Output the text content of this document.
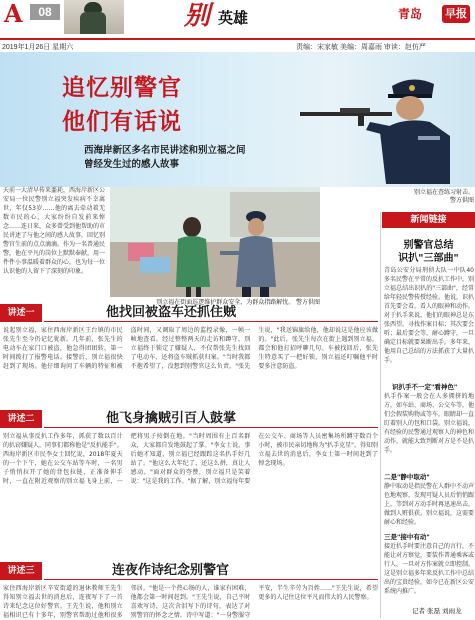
A	08	别 英雄	青岛 早报
2019年1月26日 星期六	责编：宋家敏 美编：周嘉雨 审读：赵仿严
追忆别警官
他们有话说
西海岸新区多名市民讲述和别立福之间
曾经发生过的感人故事
别立福在查练习射击。
警方供图
天前一大清早传来噩耗，西海岸新区公安局一位民警别立福突发疾病不幸离世，年仅53岁……他的离去牵动着无数市民的心，大家纷纷自发前来悼念……连日来，众多曾受到他帮助的市民讲述了与他之间的感人故事，回忆别警官生前的点点滴滴。作为一名普通民警，他在平凡的岗位上默默奉献，用一件件小事温暖着群众的心，也为每一位认识他的人留下了深刻的印象。
别立福在街面巡逻维护群众安全，为群众指路解忧。 警方供图
新闻链接
别警官总结
识扒"三部曲"
青岛公安分局刑侦大队一中队40多名民警在平常的反扒工作中，别立福总结出识扒的"三部曲"，经常给年轻民警传授经验。他说，识扒首先要会看，看人的眼神和动作。对于扒手来说，他们的眼神总是东张西望，寻找作案目标；其次要会听；最后要会等，耐心蹲守，一旦确定目标就要果断出手。多年来，他用自己总结的方法抓获了大量扒手。
识扒手不一定"看神色"
扒手作案一般会在人多拥挤的地方，如车站、商场、公交车等，他们会假装购物或等车，眼睛却一直盯着别人的包和口袋。别立福说，有经验的民警通过观察人的神色和动作，就能大致判断对方是不是扒手。
二是"静中取动"
静中取动是指民警在人群中不动声色地观察，发现可疑人员后悄悄跟上，等到对方动手时再迅速出击，做到人赃俱获。别立福说，这需要耐心和经验。
三是"接中有动"
接近扒手时要注意自己的言行，不能让对方察觉，要装作普通乘客或行人，一旦对方作案就立即控制。这是别立福多年来反扒工作中总结出的宝贵经验，如今已在新区公安系统内推广。
记者 张磊 刘雨龙
讲述一	他找回被盗车还抓住贼
说起别立福，家住西海岸新区王台镇的市民张先生至今仍记忆犹新。几年前，张先生的电动车在家门口被盗，他急得团团转，第一时间拨打了报警电话。接警后，别立福很快赶到了现场。他仔细询问了车辆的特征和被盗时间，又调取了周边的监控录像，一帧一帧地查看。经过整整两天的走访和蹲守，别立福终于锁定了嫌疑人，不仅帮张先生找回了电动车，还将盗车贼抓获归案。"当时我都不抱希望了，没想到别警官这么负责。"张先生说，"我送锦旗给他，他却说这是他应该做的。"此后，张先生每次在街上遇到别立福，都会和他打招呼聊几句。车被找回后，张先生特意买了一把好锁，别立福还叮嘱他平时要多注意防盗。
讲述二	他飞身擒贼引百人鼓掌
别立福从事反扒工作多年，抓获了数以百计的扒窃嫌疑人，同事们都称他是"反扒能手"。西海岸新区市民李女士回忆说，2018年夏天的一个下午，她在公交车站等车时，一名男子悄悄拉开了她的背包拉链，正准备伸手时，一直在附近观察的别立福飞身上前，一把将男子按倒在地。"当时周围有上百名群众，大家都自发地鼓起了掌。"李女士说，事后她才知道，别立福已经跟踪这名扒手好几站了。"他这么大年纪了，还这么拼，真让人感动。"面对群众的夸赞，别立福只是笑着说："这是我的工作。"据了解，别立福每年要在公交车、商场等人员密集场所蹲守数百个小时，被市民亲切地称为"扒手克星"。得知别立福去世的消息后，李女士第一时间赶到了悼念现场。
讲述三	连夜作诗纪念别警官
家住西海岸新区辛安街道的退休教师王先生得知别立福去世的消息后，连夜写下了一首诗来纪念这位好警官。王先生说，他和别立福相识已有十多年，别警官帮助过他和很多邻居。"他是一个热心肠的人，谁家有困难，他都会第一时间赶到。"王先生说，自己平时喜欢写诗，这次含泪写下的诗句，表达了对别警官的怀念之情。诗中写道："一身警服守平安，半生辛劳为百姓……"王先生说，希望更多的人记住这位平凡而伟大的人民警察。
